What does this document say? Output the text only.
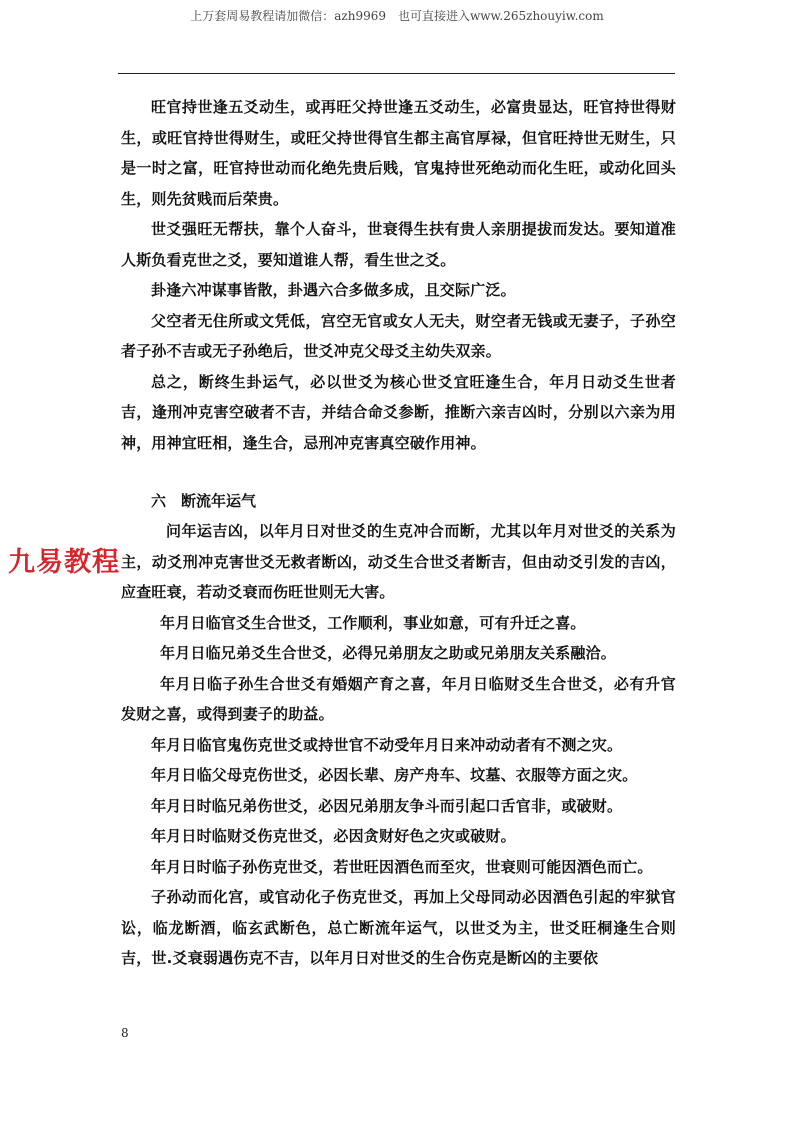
上万套周易教程请加微信：azh9969　也可直接进入www.265zhouyiw.com

旺官持世逢五爻动生，或再旺父持世逢五爻动生，必富贵显达，旺官持世得财生，或旺官持世得财生，或旺父持世得官生都主高官厚禄，但官旺持世无财生，只是一时之富，旺官持世动而化绝先贵后贱，官鬼持世死绝动而化生旺，或动化回头生，则先贫贱而后荣贵。

世爻强旺无帮扶，靠个人奋斗，世衰得生扶有贵人亲朋提拔而发达。要知道准人斯负看克世之爻，要知道谁人帮，看生世之爻。

卦逢六冲谋事皆散，卦遇六合多做多成，且交际广泛。

父空者无住所或文凭低，宫空无官或女人无夫，财空者无钱或无妻子，子孙空者子孙不吉或无子孙绝后，世爻冲克父母爻主幼失双亲。

总之，断终生卦运气，必以世爻为核心世爻宜旺逢生合，年月日动爻生世者吉，逢刑冲克害空破者不吉，并结合命爻参断，推断六亲吉凶时，分别以六亲为用神，用神宜旺相，逢生合，忌刑冲克害真空破作用神。

六　断流年运气

问年运吉凶，以年月日对世爻的生克冲合而断，尤其以年月对世爻的关系为主，动爻刑冲克害世爻无救者断凶，动爻生合世爻者断吉，但由动爻引发的吉凶，应查旺衰，若动爻衰而伤旺世则无大害。

年月日临官爻生合世爻，工作顺利，事业如意，可有升迁之喜。

年月日临兄弟爻生合世爻，必得兄弟朋友之助或兄弟朋友关系融洽。

年月日临子孙生合世爻有婚姻产育之喜，年月日临财爻生合世爻，必有升官发财之喜，或得到妻子的助益。

年月日临官鬼伤克世爻或持世官不动受年月日来冲动动者有不测之灾。

年月日临父母克伤世爻，必因长辈、房产舟车、坟墓、衣服等方面之灾。

年月日时临兄弟伤世爻，必因兄弟朋友争斗而引起口舌官非，或破财。

年月日时临财爻伤克世爻，必因贪财好色之灾或破财。

年月日时临子孙伤克世爻，若世旺因酒色而至灾，世衰则可能因酒色而亡。

子孙动而化宫，或官动化子伤克世爻，再加上父母同动必因酒色引起的牢狱官讼，临龙断酒，临玄武断色，总亡断流年运气，以世爻为主，世爻旺桐逢生合则吉，世.爻衰弱遇伤克不吉，以年月日对世爻的生合伤克是断凶的主要依

九易教程
8
